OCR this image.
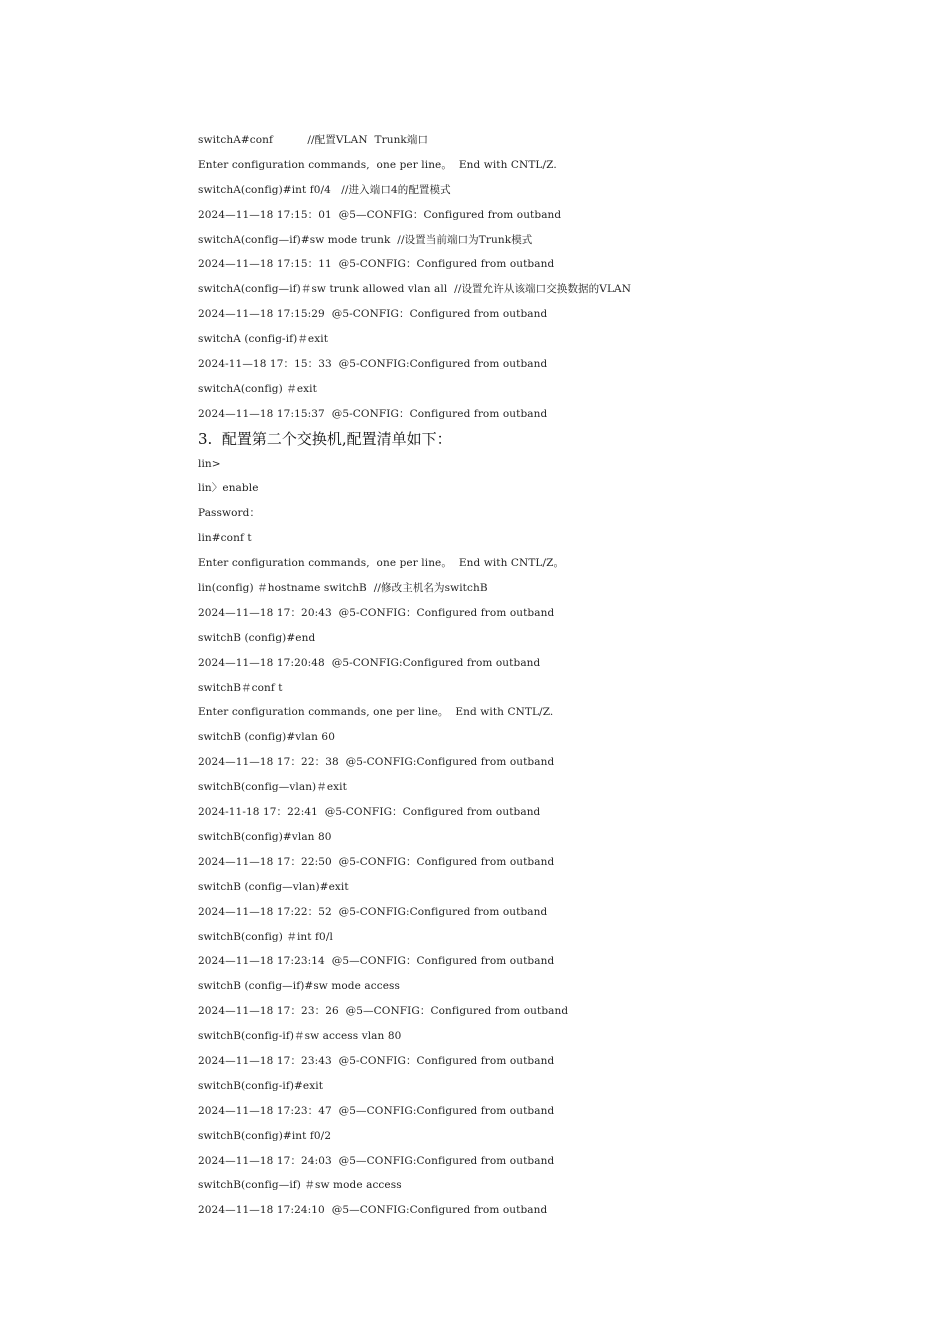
switchA#conf          //配置VLAN  Trunk端口
Enter configuration commands,  one per line。  End with CNTL/Z.
switchA(config)#int f0/4   //进入端口4的配置模式
2024—11—18 17:15：01  @5—CONFIG：Configured from outband
switchA(config—if)#sw mode trunk  //设置当前端口为Trunk模式
2024—11—18 17:15：11  @5-CONFIG：Configured from outband
switchA(config—if)＃sw trunk allowed vlan all  //设置允许从该端口交换数据的VLAN
2024—11—18 17:15:29  @5-CONFIG：Configured from outband
switchA (config-if)＃exit
2024-11—18 17：15：33  @5-CONFIG:Configured from outband
switchA(config) ＃exit
2024—11—18 17:15:37  @5-CONFIG：Configured from outband
3.  配置第二个交换机,配置清单如下：
lin>
lin〉enable
Password：
lin#conf t
Enter configuration commands,  one per line。  End with CNTL/Z。
lin(config) ＃hostname switchB  //修改主机名为switchB
2024—11—18 17：20:43  @5-CONFIG：Configured from outband
switchB (config)#end
2024—11—18 17:20:48  @5-CONFIG:Configured from outband
switchB＃conf t
Enter configuration commands, one per line。  End with CNTL/Z.
switchB (config)#vlan 60
2024—11—18 17：22：38  @5-CONFIG:Configured from outband
switchB(config—vlan)＃exit
2024-11-18 17：22:41  @5-CONFIG：Configured from outband
switchB(config)#vlan 80
2024—11—18 17：22:50  @5-CONFIG：Configured from outband
switchB (config—vlan)#exit
2024—11—18 17:22：52  @5-CONFIG:Configured from outband
switchB(config) ＃int f0/l
2024—11—18 17:23:14  @5—CONFIG：Configured from outband
switchB (config—if)#sw mode access
2024—11—18 17：23：26  @5—CONFIG：Configured from outband
switchB(config-if)＃sw access vlan 80
2024—11—18 17：23:43  @5-CONFIG：Configured from outband
switchB(config-if)#exit
2024—11—18 17:23：47  @5—CONFIG:Configured from outband
switchB(config)#int f0/2
2024—11—18 17：24:03  @5—CONFIG:Configured from outband
switchB(config—if) ＃sw mode access
2024—11—18 17:24:10  @5—CONFIG:Configured from outband
